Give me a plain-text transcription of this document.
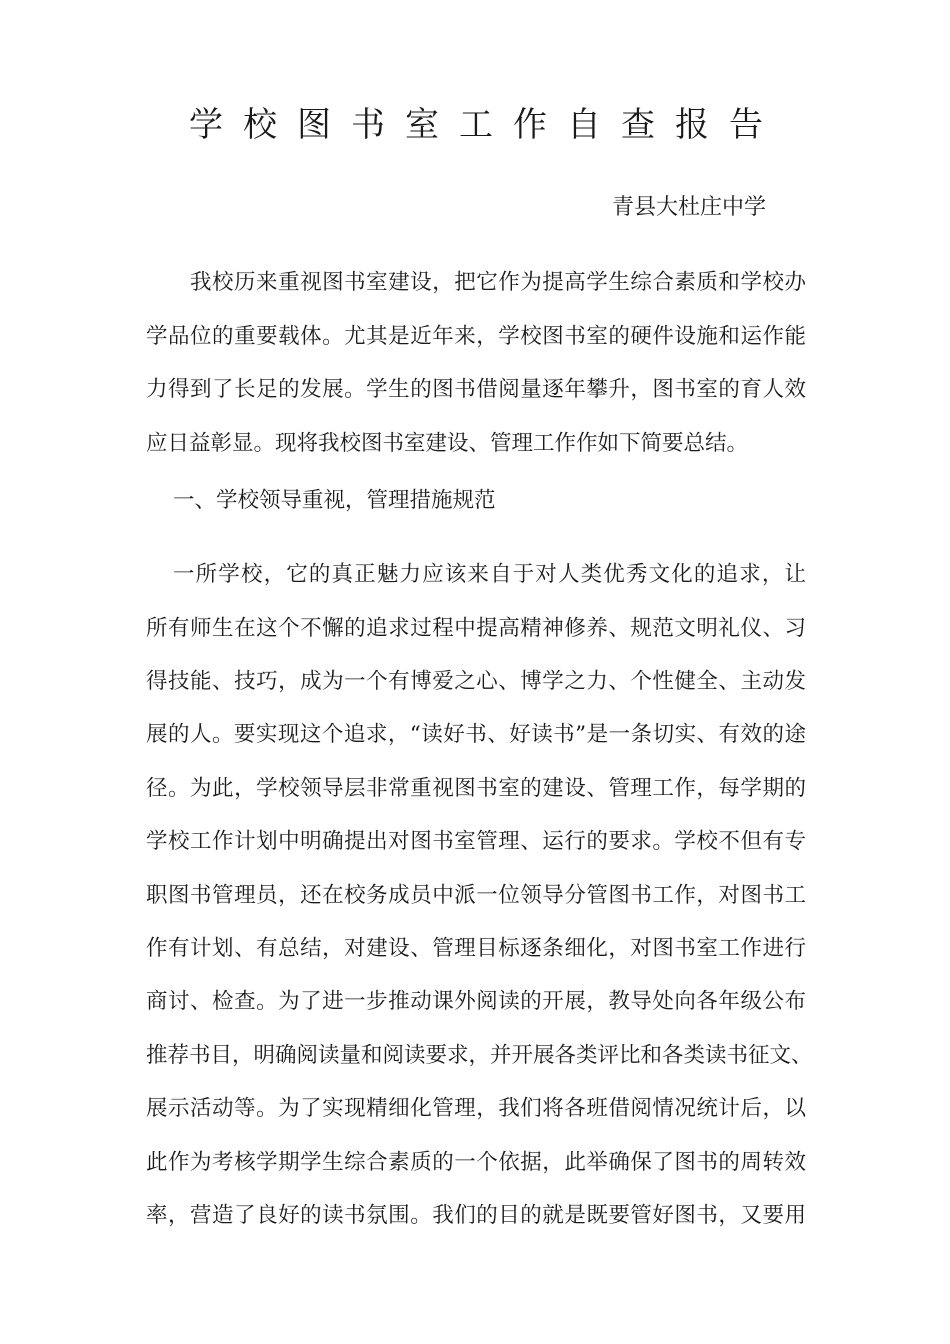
学校图书室工作自查报告
青县大杜庄中学
我校历来重视图书室建设，把它作为提高学生综合素质和学校办
学品位的重要载体。尤其是近年来，学校图书室的硬件设施和运作能
力得到了长足的发展。学生的图书借阅量逐年攀升，图书室的育人效
应日益彰显。现将我校图书室建设、管理工作作如下简要总结。
一、学校领导重视，管理措施规范
一所学校，它的真正魅力应该来自于对人类优秀文化的追求，让
所有师生在这个不懈的追求过程中提高精神修养、规范文明礼仪、习
得技能、技巧，成为一个有博爱之心、博学之力、个性健全、主动发
展的人。要实现这个追求，“读好书、好读书”是一条切实、有效的途
径。为此，学校领导层非常重视图书室的建设、管理工作，每学期的
学校工作计划中明确提出对图书室管理、运行的要求。学校不但有专
职图书管理员，还在校务成员中派一位领导分管图书工作，对图书工
作有计划、有总结，对建设、管理目标逐条细化，对图书室工作进行
商讨、检查。为了进一步推动课外阅读的开展，教导处向各年级公布
推荐书目，明确阅读量和阅读要求，并开展各类评比和各类读书征文、
展示活动等。为了实现精细化管理，我们将各班借阅情况统计后，以
此作为考核学期学生综合素质的一个依据，此举确保了图书的周转效
率，营造了良好的读书氛围。我们的目的就是既要管好图书，又要用
